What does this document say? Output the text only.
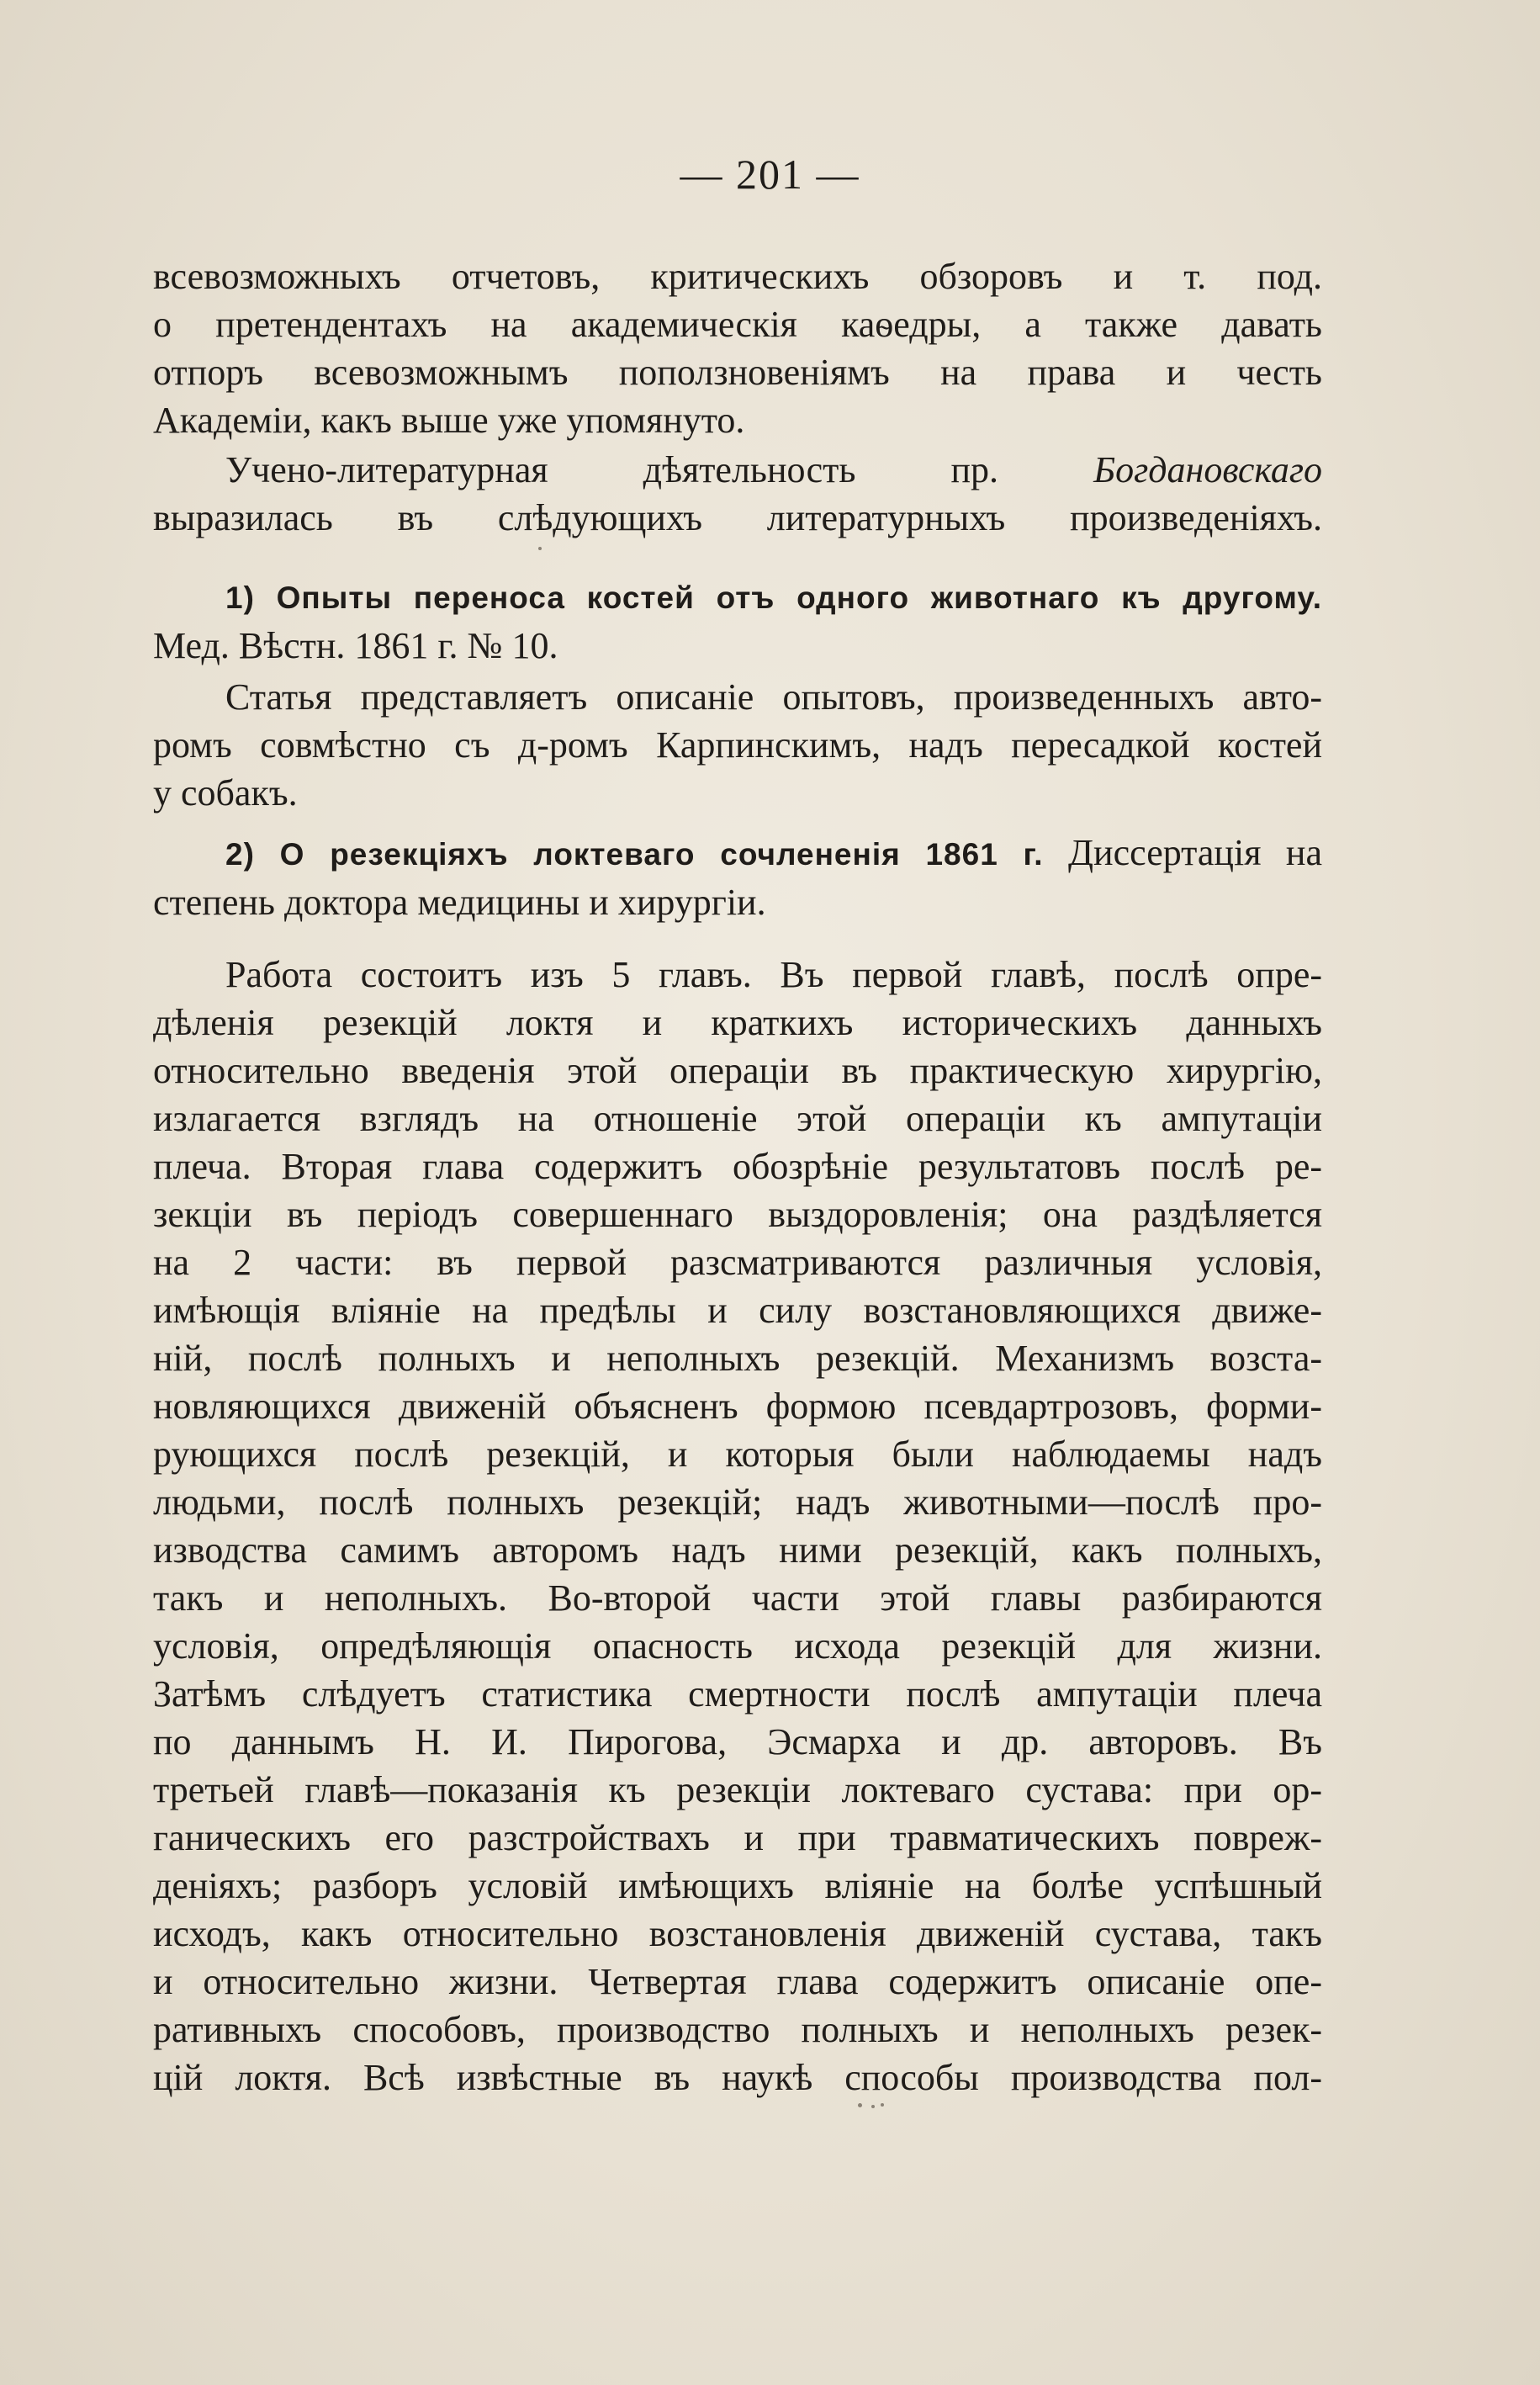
— 201 —

всевозможныхъ отчетовъ, критическихъ обзоровъ и т. под.
о претендентахъ на академическія каѳедры, а также давать
отпоръ всевозможнымъ поползновеніямъ на права и честь
Академіи, какъ выше уже упомянуто.

Учено-литературная дѣятельность пр.	Богдановскаго
выразилась въ слѣдующихъ литературныхъ произведеніяхъ.

1) Опыты переноса костей отъ одного животнаго къ другому.
Мед. Вѣстн. 1861 г. № 10.

Статья представляетъ описаніе опытовъ, произведенныхъ авто-
ромъ совмѣстно съ д-ромъ Карпинскимъ, надъ пересадкой костей
у собакъ.

2) О резекціяхъ локтеваго сочлененія 1861 г. Диссертація на
степень доктора медицины и хирургіи.

Работа состоитъ изъ 5 главъ. Въ первой главѣ, послѣ опре-
дѣленія резекцій локтя и краткихъ историческихъ данныхъ
относительно введенія этой операціи въ практическую хирургію,
излагается взглядъ на отношеніе этой операціи къ ампутаціи
плеча. Вторая глава содержитъ обозрѣніе результатовъ послѣ ре-
зекціи въ періодъ совершеннаго выздоровленія; она раздѣляется
на 2 части: въ первой разсматриваются различныя условія,
имѣющія вліяніе на предѣлы и силу возстановляющихся движе-
ній, послѣ полныхъ и неполныхъ резекцій. Механизмъ возста-
новляющихся движеній объясненъ формою псевдартрозовъ, форми-
рующихся послѣ резекцій, и которыя были наблюдаемы надъ
людьми, послѣ полныхъ резекцій; надъ животными—послѣ про-
изводства самимъ авторомъ надъ ними резекцій, какъ полныхъ,
такъ и неполныхъ. Во-второй части этой главы разбираются
условія, опредѣляющія опасность исхода резекцій для жизни.
Затѣмъ слѣдуетъ статистика смертности послѣ ампутаціи плеча
по даннымъ Н. И. Пирогова, Эсмарха и др. авторовъ. Въ
третьей главѣ—показанія къ резекціи локтеваго сустава: при ор-
ганическихъ его разстройствахъ и при травматическихъ повреж-
деніяхъ; разборъ условій имѣющихъ вліяніе на болѣе успѣшный
исходъ, какъ относительно возстановленія движеній сустава, такъ
и относительно жизни. Четвертая глава содержитъ описаніе опе-
ративныхъ способовъ, производство полныхъ и неполныхъ резек-
цій локтя. Всѣ извѣстные въ наукѣ способы производства пол-
